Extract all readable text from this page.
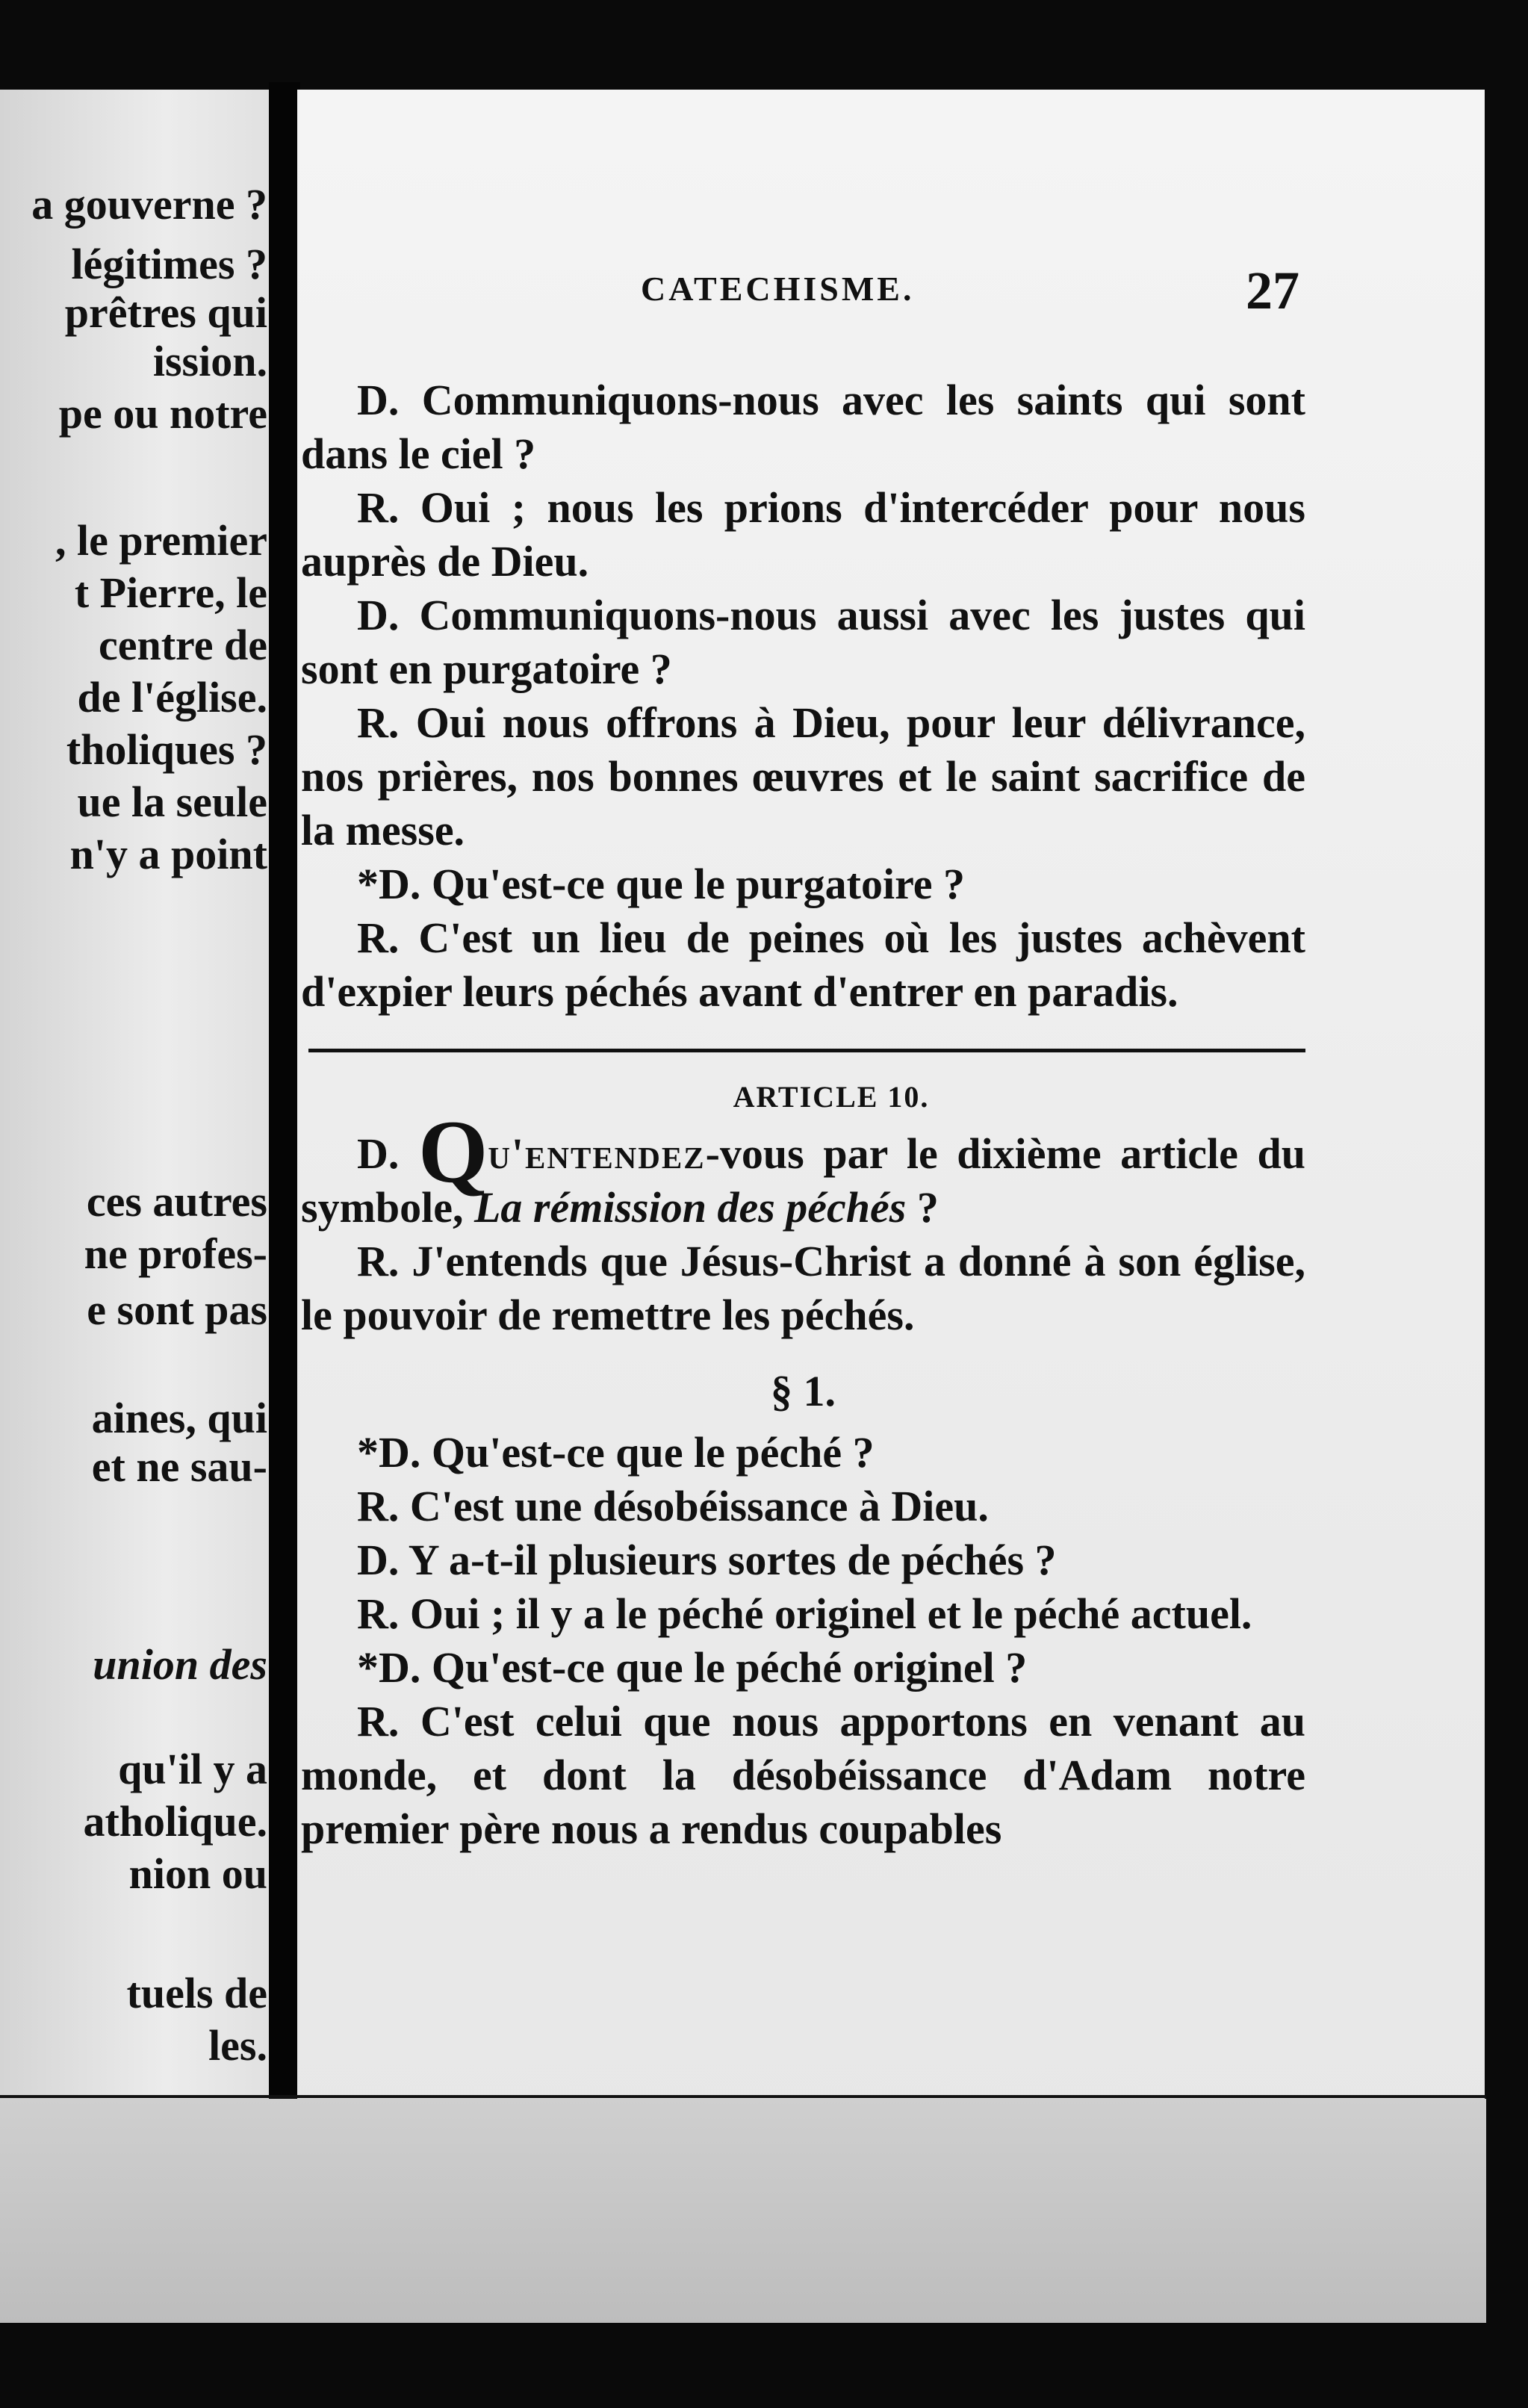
a gouverne ?
légitimes ?
prêtres qui
ission.
pe ou notre
, le premier
t Pierre, le
centre de
de l'église.
tholiques ?
ue la seule
n'y a point
ces autres
ne profes-
e sont pas
aines, qui
et ne sau-
union des
qu'il y a
atholique.
nion ou
tuels de
les.
CATECHISME.	27

D. Communiquons-nous avec les saints qui sont dans le ciel ?

R. Oui ; nous les prions d'intercéder pour nous auprès de Dieu.

D. Communiquons-nous aussi avec les justes qui sont en purgatoire ?

R. Oui nous offrons à Dieu, pour leur délivrance, nos prières, nos bonnes œuvres et le saint sacrifice de la messe.

*D. Qu'est-ce que le purgatoire ?

R. C'est un lieu de peines où les justes achèvent d'expier leurs péchés avant d'entrer en paradis.

ARTICLE 10.

D. Qu'entendez-vous par le dixième article du symbole, La rémission des péchés ?

R. J'entends que Jésus-Christ a donné à son église, le pouvoir de remettre les péchés.

§ 1.

*D. Qu'est-ce que le péché ?

R. C'est une désobéissance à Dieu.

D. Y a-t-il plusieurs sortes de péchés ?

R. Oui ; il y a le péché originel et le péché actuel.

*D. Qu'est-ce que le péché originel ?

R. C'est celui que nous apportons en venant au monde, et dont la désobéissance d'Adam notre premier père nous a rendus coupables
